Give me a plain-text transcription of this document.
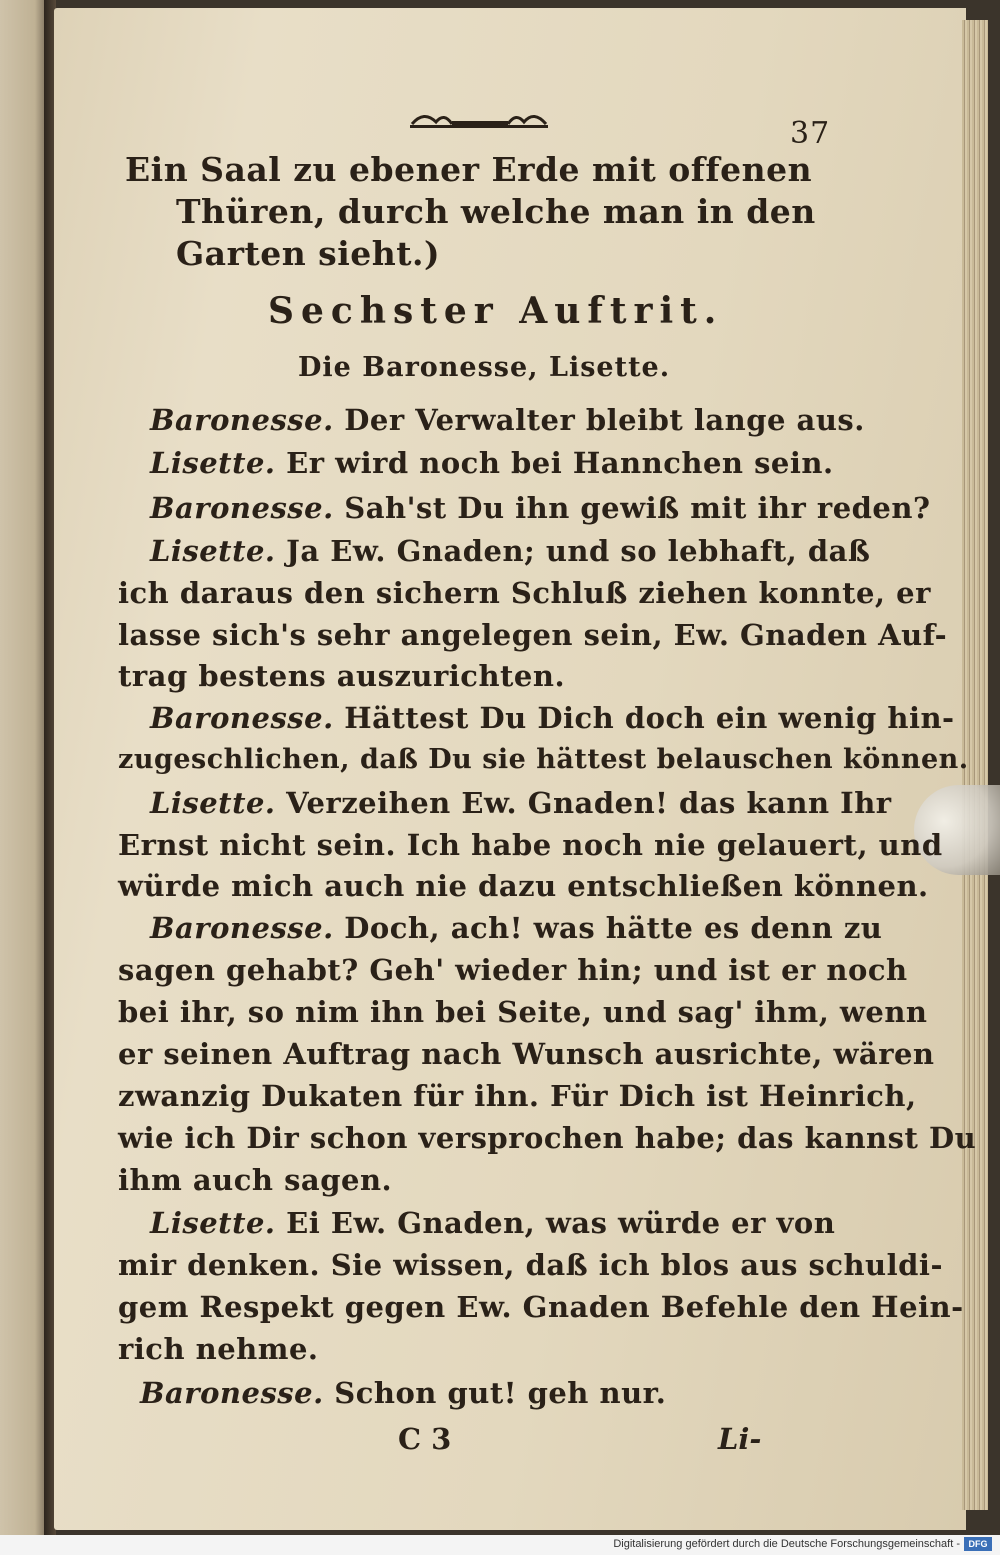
37
Ein Saal zu ebener Erde mit offenen
Thüren, durch welche man in den
Garten sieht.)
Sechster Auftrit.
Die Baronesse, Lisette.
Baronesse. Der Verwalter bleibt lange aus.
Lisette. Er wird noch bei Hannchen sein.
Baronesse. Sah'st Du ihn gewiß mit ihr reden?
Lisette. Ja Ew. Gnaden; und so lebhaft, daß
ich daraus den sichern Schluß ziehen konnte, er
lasse sich's sehr angelegen sein, Ew. Gnaden Auf-
trag bestens auszurichten.
Baronesse. Hättest Du Dich doch ein wenig hin-
zugeschlichen, daß Du sie hättest belauschen können.
Lisette. Verzeihen Ew. Gnaden! das kann Ihr
Ernst nicht sein. Ich habe noch nie gelauert, und
würde mich auch nie dazu entschließen können.
Baronesse. Doch, ach! was hätte es denn zu
sagen gehabt? Geh' wieder hin; und ist er noch
bei ihr, so nim ihn bei Seite, und sag' ihm, wenn
er seinen Auftrag nach Wunsch ausrichte, wären
zwanzig Dukaten für ihn. Für Dich ist Heinrich,
wie ich Dir schon versprochen habe; das kannst Du
ihm auch sagen.
Lisette. Ei Ew. Gnaden, was würde er von
mir denken. Sie wissen, daß ich blos aus schuldi-
gem Respekt gegen Ew. Gnaden Befehle den Hein-
rich nehme.
Baronesse. Schon gut! geh nur.
C 3	Li-
Digitalisierung gefördert durch die Deutsche Forschungsgemeinschaft - DFG
